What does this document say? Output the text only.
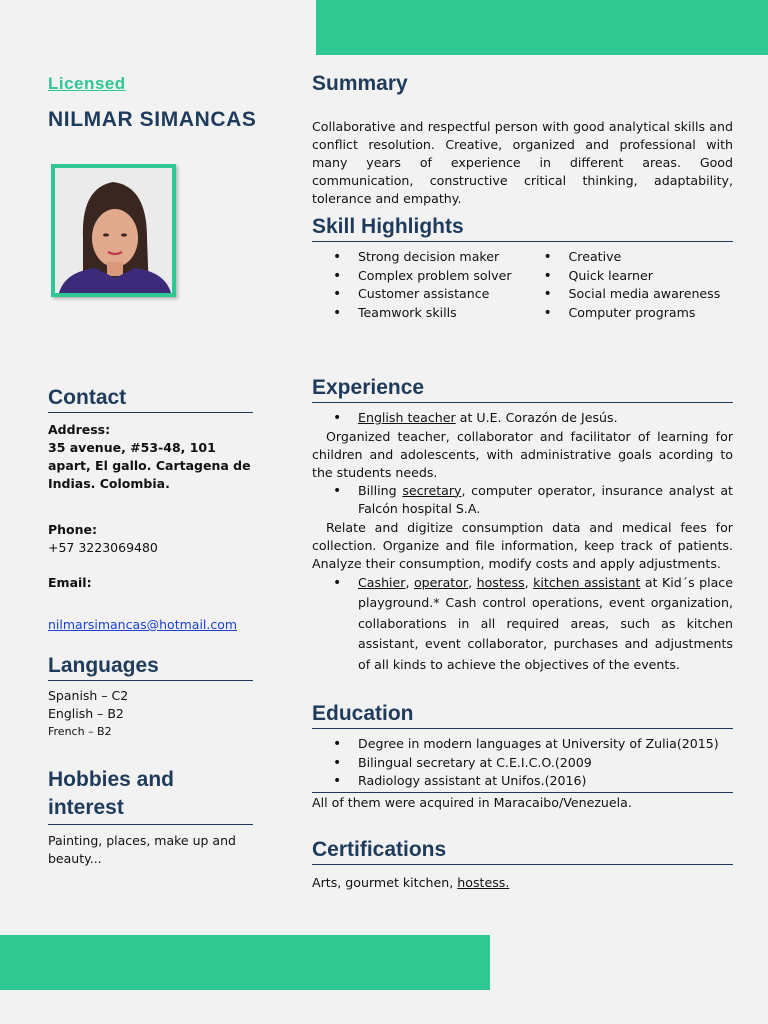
Licensed
NILMAR SIMANCAS
Contact
Address:
35 avenue, #53-48, 101 apart, El gallo. Cartagena de Indias. Colombia.
Phone:
+57 3223069480
Email:
nilmarsimancas@hotmail.com
Languages
Spanish – C2
English – B2
French – B2
Hobbies and interest
Painting, places, make up and beauty...
Summary

Collaborative and respectful person with good analytical skills and conflict resolution. Creative, organized and professional with many years of experience in different areas. Good communication, constructive critical thinking, adaptability, tolerance and empathy.

Skill Highlights
• Strong decision maker
• Complex problem solver
• Customer assistance
• Teamwork skills
• Creative
• Quick learner
• Social media awareness
• Computer programs
Experience
• English teacher at U.E. Corazón de Jesús.

Organized teacher, collaborator and facilitator of learning for children and adolescents, with administrative goals acording to the students needs.

• Billing secretary, computer operator, insurance analyst at Falcón hospital S.A.

Relate and digitize consumption data and medical fees for collection. Organize and file information, keep track of patients. Analyze their consumption, modify costs and apply adjustments.

• Cashier, operator, hostess, kitchen assistant at Kid´s place playground.* Cash control operations, event organization, collaborations in all required areas, such as kitchen assistant, event collaborator, purchases and adjustments of all kinds to achieve the objectives of the events.
Education
• Degree in modern languages at University of Zulia(2015)
• Bilingual secretary at C.E.I.C.O.(2009
• Radiology assistant at Unifos.(2016)

All of them were acquired in Maracaibo/Venezuela.

Certifications

Arts, gourmet kitchen, hostess.
